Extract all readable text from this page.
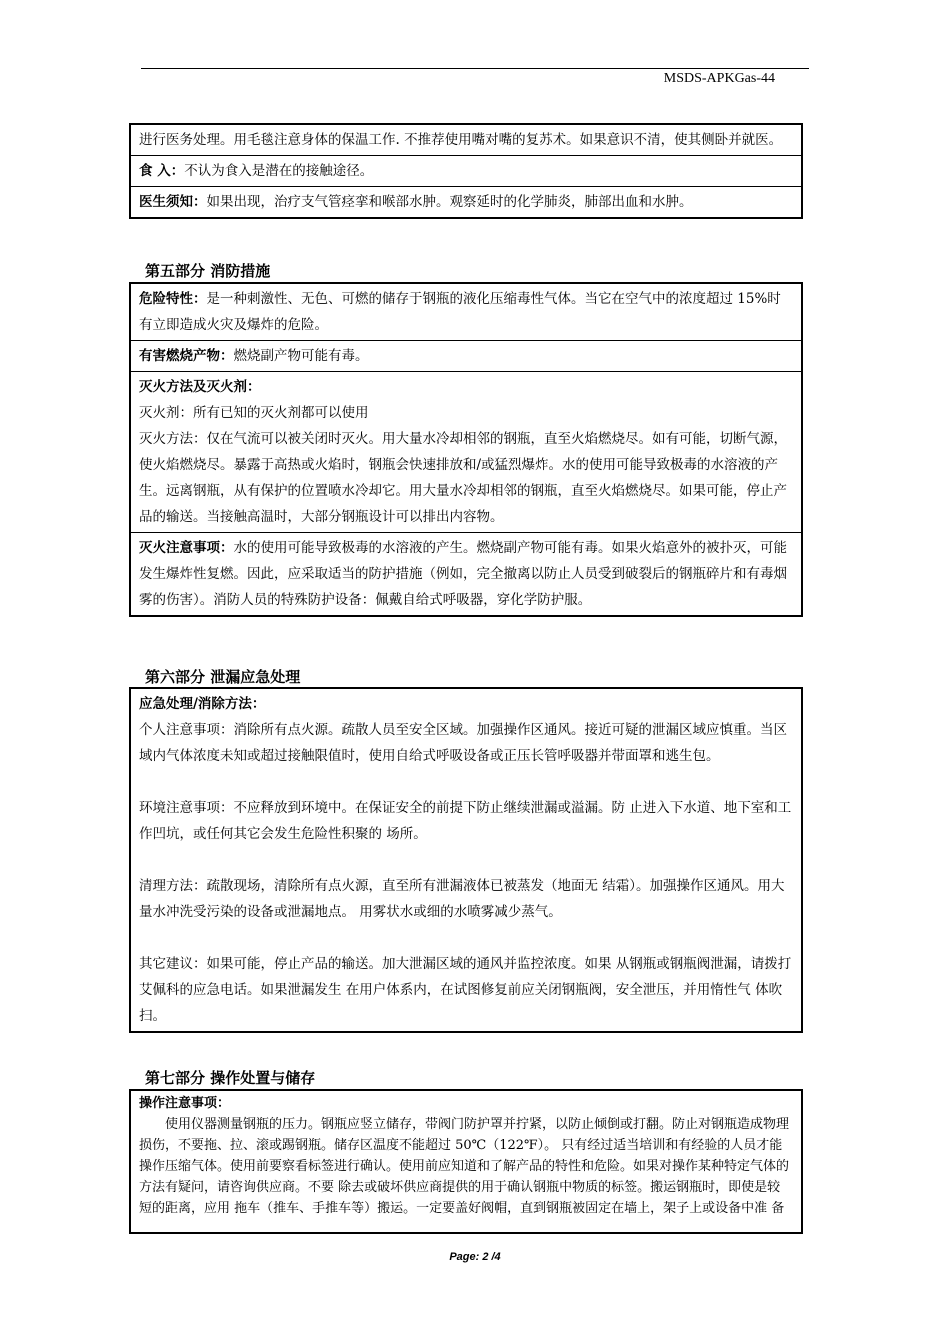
MSDS-APKGas-44
进行医务处理。用毛毯注意身体的保温工作. 不推荐使用嘴对嘴的复苏术。如果意识不清，使其侧卧并就医。
食 入：不认为食入是潜在的接触途径。
医生须知：如果出现，治疗支气管痉挛和喉部水肿。观察延时的化学肺炎，肺部出血和水肿。
第五部分 消防措施
危险特性：是一种刺激性、无色、可燃的储存于钢瓶的液化压缩毒性气体。当它在空气中的浓度超过 15%时有立即造成火灾及爆炸的危险。
有害燃烧产物：燃烧副产物可能有毒。

灭火方法及灭火剂：

灭火剂：所有已知的灭火剂都可以使用

灭火方法：仅在气流可以被关闭时灭火。用大量水冷却相邻的钢瓶，直至火焰燃烧尽。如有可能，切断气源，使火焰燃烧尽。暴露于高热或火焰时，钢瓶会快速排放和/或猛烈爆炸。水的使用可能导致极毒的水溶液的产生。远离钢瓶，从有保护的位置喷水冷却它。用大量水冷却相邻的钢瓶，直至火焰燃烧尽。如果可能，停止产品的输送。当接触高温时，大部分钢瓶设计可以排出内容物。

灭火注意事项：水的使用可能导致极毒的水溶液的产生。燃烧副产物可能有毒。如果火焰意外的被扑灭，可能发生爆炸性复燃。因此，应采取适当的防护措施（例如，完全撤离以防止人员受到破裂后的钢瓶碎片和有毒烟雾的伤害）。消防人员的特殊防护设备：佩戴自给式呼吸器，穿化学防护服。
第六部分 泄漏应急处理

应急处理/消除方法：

个人注意事项：消除所有点火源。疏散人员至安全区域。加强操作区通风。接近可疑的泄漏区域应慎重。当区域内气体浓度未知或超过接触限值时，使用自给式呼吸设备或正压长管呼吸器并带面罩和逃生包。

环境注意事项：不应释放到环境中。在保证安全的前提下防止继续泄漏或溢漏。防 止进入下水道、地下室和工作凹坑，或任何其它会发生危险性积聚的 场所。

清理方法：疏散现场，清除所有点火源，直至所有泄漏液体已被蒸发（地面无 结霜）。加强操作区通风。用大量水冲洗受污染的设备或泄漏地点。 用雾状水或细的水喷雾减少蒸气。

其它建议：如果可能，停止产品的输送。加大泄漏区域的通风并监控浓度。如果 从钢瓶或钢瓶阀泄漏，请拨打艾佩科的应急电话。如果泄漏发生 在用户体系内，在试图修复前应关闭钢瓶阀，安全泄压，并用惰性气 体吹扫。

第七部分 操作处置与储存

操作注意事项：

使用仪器测量钢瓶的压力。钢瓶应竖立储存，带阀门防护罩并拧紧，以防止倾倒或打翻。防止对钢瓶造成物理损伤，不要拖、拉、滚或踢钢瓶。储存区温度不能超过 50℃（122℉）。 只有经过适当培训和有经验的人员才能操作压缩气体。使用前要察看标签进行确认。使用前应知道和了解产品的特性和危险。如果对操作某种特定气体的方法有疑问，请咨询供应商。不要 除去或破坏供应商提供的用于确认钢瓶中物质的标签。搬运钢瓶时，即使是较短的距离，应用 拖车（推车、手推车等）搬运。一定要盖好阀帽，直到钢瓶被固定在墙上，架子上或设备中准 备

Page: 2 /4
